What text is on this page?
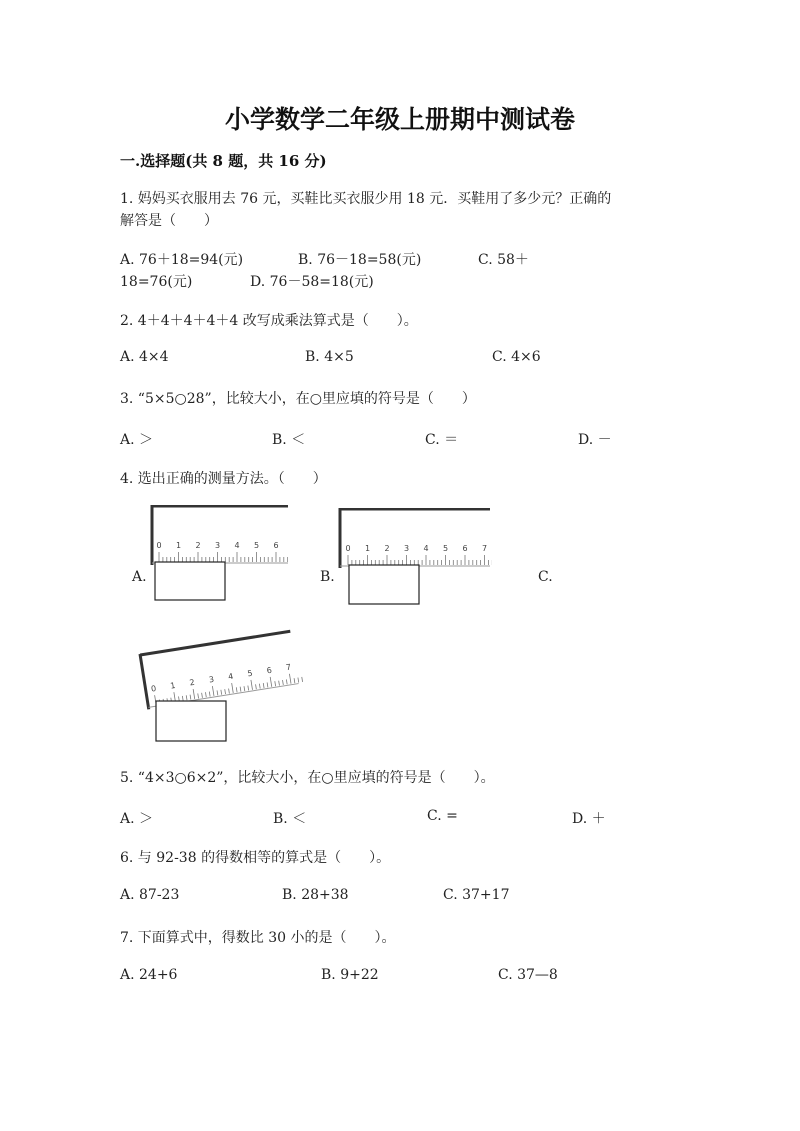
小学数学二年级上册期中测试卷
一.选择题(共 8 题，共 16 分)
1. 妈妈买衣服用去 76 元，买鞋比买衣服少用 18 元．买鞋用了多少元？正确的
解答是（　　）
A. 76＋18=94(元)	B. 76－18=58(元)	C. 58＋
18=76(元)	D. 76－58=18(元)
2. 4＋4＋4＋4＋4 改写成乘法算式是（　　）。
A. 4×4	B. 4×5	C. 4×6
3. “5×5○28”，比较大小，在○里应填的符号是（　　）
A. ＞	B. ＜	C. ＝	D. －
4. 选出正确的测量方法。（　　）
0 1 2 3 4 5 6
A.
0 1 2 3 4 5 6 7
B.	C.
0 1 2 3 4 5 6 7
5. “4×3○6×2”，比较大小，在○里应填的符号是（　　）。
A. ＞	B. ＜	C. =	D. ＋
6. 与 92-38 的得数相等的算式是（　　）。
A. 87-23	B. 28+38	C. 37+17
7. 下面算式中，得数比 30 小的是（　　）。
A. 24+6	B. 9+22	C. 37—8
